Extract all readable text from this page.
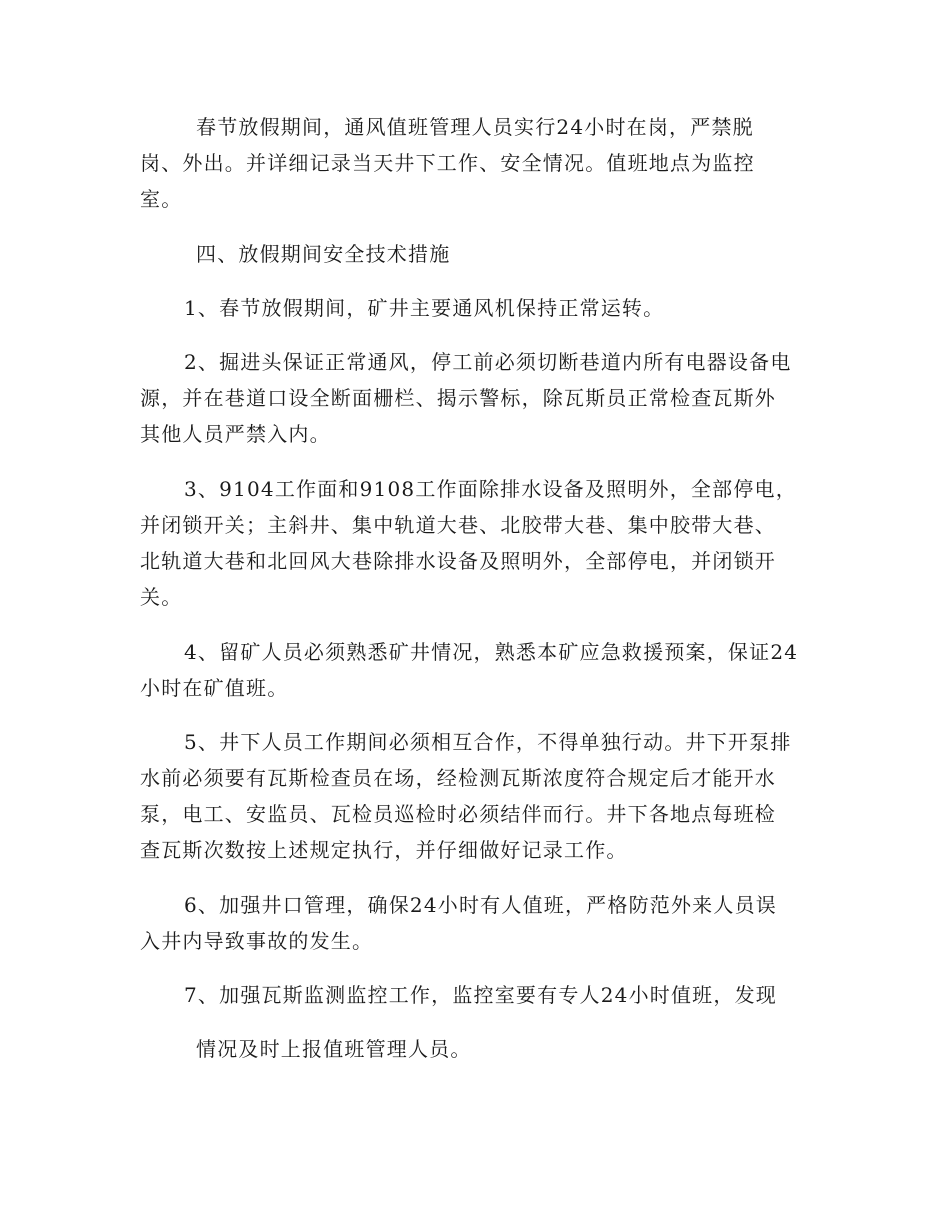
春节放假期间，通风值班管理人员实行24小时在岗，严禁脱
岗、外出。并详细记录当天井下工作、安全情况。值班地点为监控
室。
四、放假期间安全技术措施
1、春节放假期间，矿井主要通风机保持正常运转。
2、掘进头保证正常通风，停工前必须切断巷道内所有电器设备电
源，并在巷道口设全断面栅栏、揭示警标，除瓦斯员正常检查瓦斯外
其他人员严禁入内。
3、9104工作面和9108工作面除排水设备及照明外，全部停电，
并闭锁开关；主斜井、集中轨道大巷、北胶带大巷、集中胶带大巷、
北轨道大巷和北回风大巷除排水设备及照明外，全部停电，并闭锁开
关。
4、留矿人员必须熟悉矿井情况，熟悉本矿应急救援预案，保证24
小时在矿值班。
5、井下人员工作期间必须相互合作，不得单独行动。井下开泵排
水前必须要有瓦斯检查员在场，经检测瓦斯浓度符合规定后才能开水
泵，电工、安监员、瓦检员巡检时必须结伴而行。井下各地点每班检
查瓦斯次数按上述规定执行，并仔细做好记录工作。
6、加强井口管理，确保24小时有人值班，严格防范外来人员误
入井内导致事故的发生。
7、加强瓦斯监测监控工作，监控室要有专人24小时值班，发现
情况及时上报值班管理人员。
